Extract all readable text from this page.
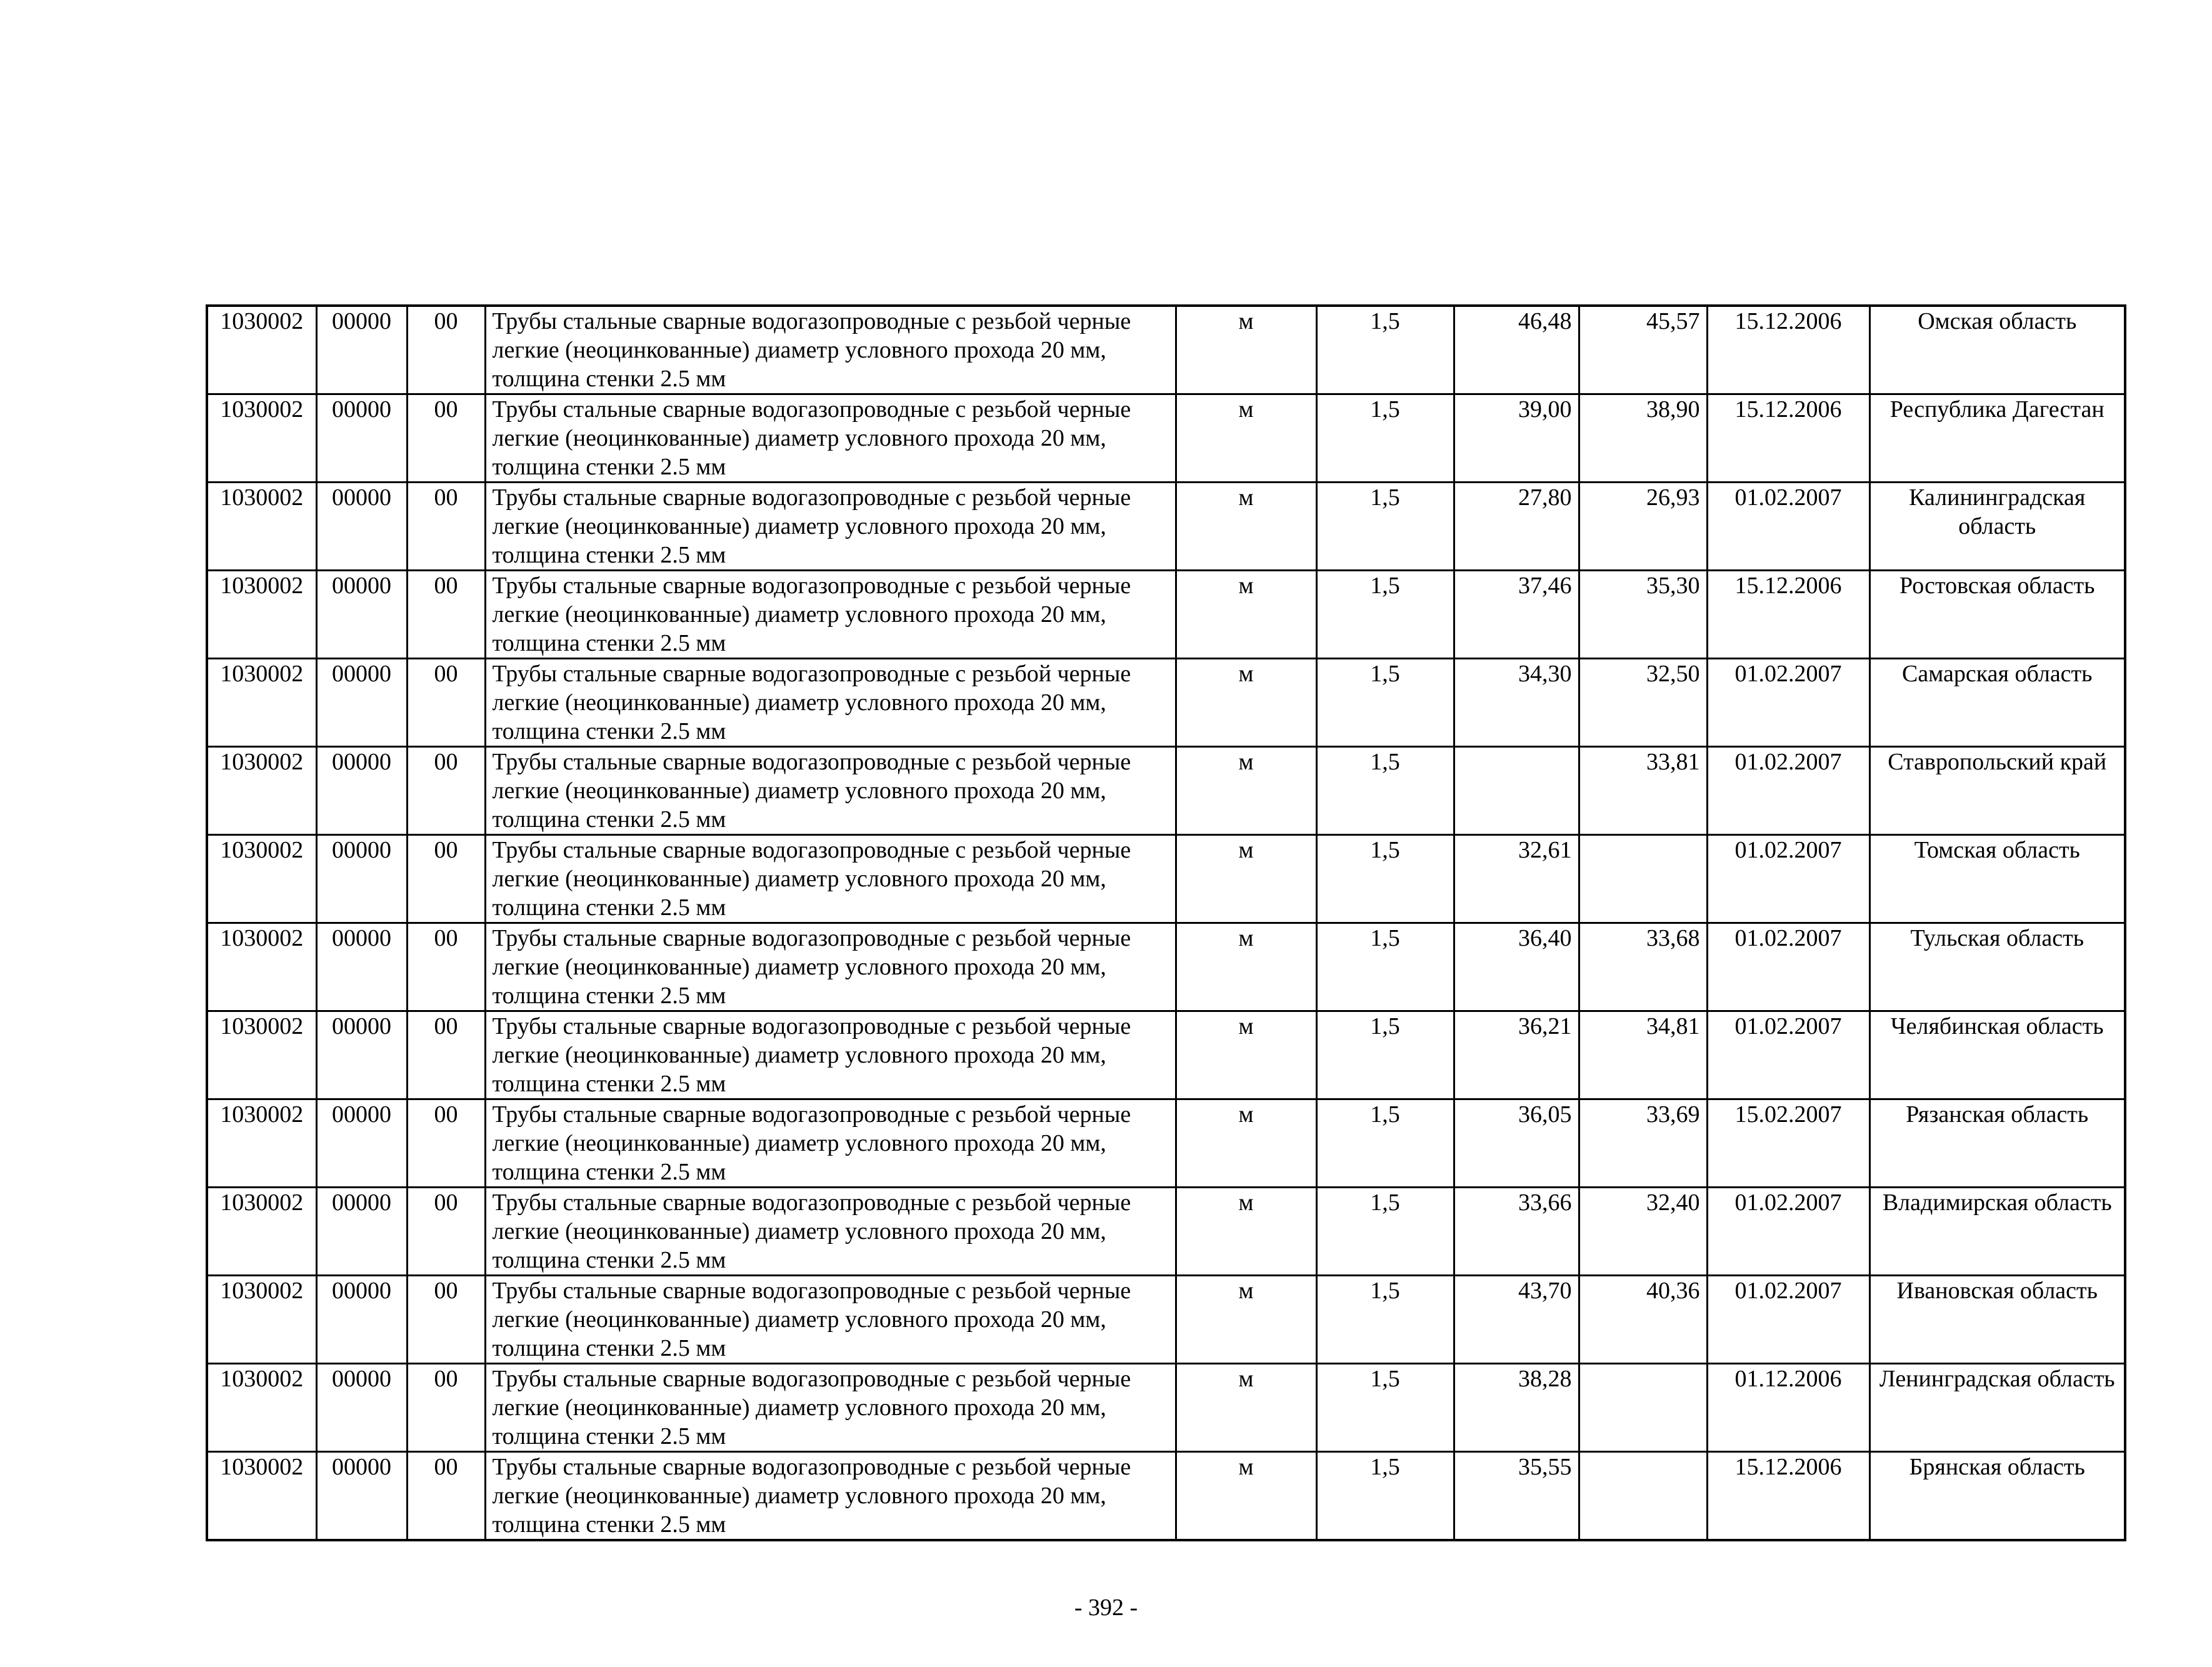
1030002	00000	00	Трубы стальные сварные водогазопроводные с резьбой черные легкие (неоцинкованные) диаметр условного прохода 20 мм, толщина стенки 2.5 мм	м	1,5	46,48	45,57	15.12.2006	Омская область
1030002	00000	00	Трубы стальные сварные водогазопроводные с резьбой черные легкие (неоцинкованные) диаметр условного прохода 20 мм, толщина стенки 2.5 мм	м	1,5	39,00	38,90	15.12.2006	Республика Дагестан
1030002	00000	00	Трубы стальные сварные водогазопроводные с резьбой черные легкие (неоцинкованные) диаметр условного прохода 20 мм, толщина стенки 2.5 мм	м	1,5	27,80	26,93	01.02.2007	Калининградская область
1030002	00000	00	Трубы стальные сварные водогазопроводные с резьбой черные легкие (неоцинкованные) диаметр условного прохода 20 мм, толщина стенки 2.5 мм	м	1,5	37,46	35,30	15.12.2006	Ростовская область
1030002	00000	00	Трубы стальные сварные водогазопроводные с резьбой черные легкие (неоцинкованные) диаметр условного прохода 20 мм, толщина стенки 2.5 мм	м	1,5	34,30	32,50	01.02.2007	Самарская область
1030002	00000	00	Трубы стальные сварные водогазопроводные с резьбой черные легкие (неоцинкованные) диаметр условного прохода 20 мм, толщина стенки 2.5 мм	м	1,5		33,81	01.02.2007	Ставропольский край
1030002	00000	00	Трубы стальные сварные водогазопроводные с резьбой черные легкие (неоцинкованные) диаметр условного прохода 20 мм, толщина стенки 2.5 мм	м	1,5	32,61		01.02.2007	Томская область
1030002	00000	00	Трубы стальные сварные водогазопроводные с резьбой черные легкие (неоцинкованные) диаметр условного прохода 20 мм, толщина стенки 2.5 мм	м	1,5	36,40	33,68	01.02.2007	Тульская область
1030002	00000	00	Трубы стальные сварные водогазопроводные с резьбой черные легкие (неоцинкованные) диаметр условного прохода 20 мм, толщина стенки 2.5 мм	м	1,5	36,21	34,81	01.02.2007	Челябинская область
1030002	00000	00	Трубы стальные сварные водогазопроводные с резьбой черные легкие (неоцинкованные) диаметр условного прохода 20 мм, толщина стенки 2.5 мм	м	1,5	36,05	33,69	15.02.2007	Рязанская область
1030002	00000	00	Трубы стальные сварные водогазопроводные с резьбой черные легкие (неоцинкованные) диаметр условного прохода 20 мм, толщина стенки 2.5 мм	м	1,5	33,66	32,40	01.02.2007	Владимирская область
1030002	00000	00	Трубы стальные сварные водогазопроводные с резьбой черные легкие (неоцинкованные) диаметр условного прохода 20 мм, толщина стенки 2.5 мм	м	1,5	43,70	40,36	01.02.2007	Ивановская область
1030002	00000	00	Трубы стальные сварные водогазопроводные с резьбой черные легкие (неоцинкованные) диаметр условного прохода 20 мм, толщина стенки 2.5 мм	м	1,5	38,28		01.12.2006	Ленинградская область
1030002	00000	00	Трубы стальные сварные водогазопроводные с резьбой черные легкие (неоцинкованные) диаметр условного прохода 20 мм, толщина стенки 2.5 мм	м	1,5	35,55		15.12.2006	Брянская область
- 392 -
